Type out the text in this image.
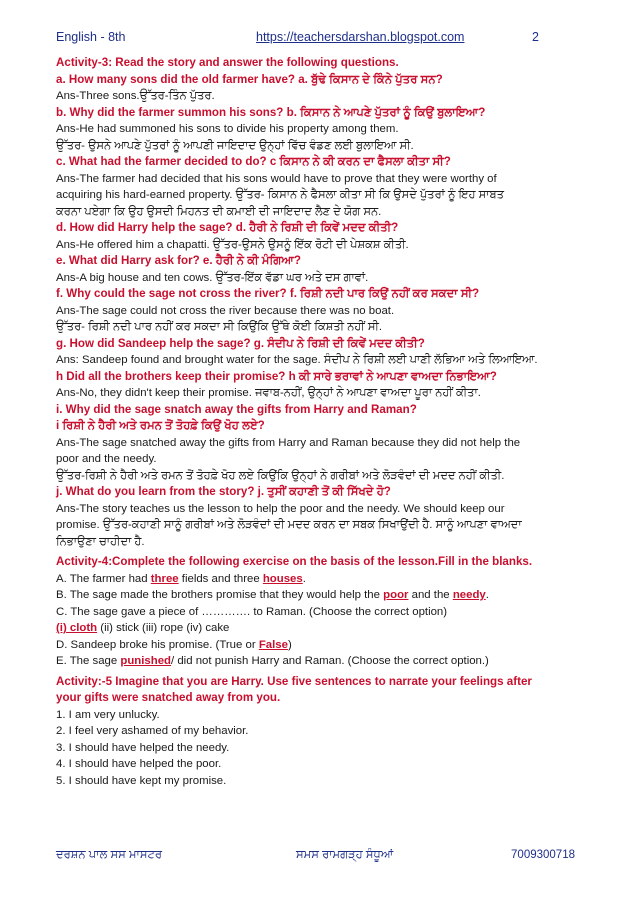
English - 8th	https://teachersdarshan.blogspot.com	2
Activity-3: Read the story and answer the following questions.
a. How many sons did the old farmer have? a. ਬੁੱਢੇ ਕਿਸਾਨ ਦੇ ਕਿੰਨੇ ਪੁੱਤਰ ਸਨ?
Ans-Three sons.ਉੱਤਰ-ਤਿੰਨ ਪੁੱਤਰ.
b. Why did the farmer summon his sons? b. ਕਿਸਾਨ ਨੇ ਆਪਣੇ ਪੁੱਤਰਾਂ ਨੂੰ ਕਿਉਂ ਬੁਲਾਇਆ?
Ans-He had summoned his sons to divide his property among them.
ਉੱਤਰ- ਉਸਨੇ ਆਪਣੇ ਪੁੱਤਰਾਂ ਨੂੰ ਆਪਣੀ ਜਾਇਦਾਦ ਉਨ੍ਹਾਂ ਵਿੱਚ ਵੰਡਣ ਲਈ ਬੁਲਾਇਆ ਸੀ.
c. What had the farmer decided to do? c ਕਿਸਾਨ ਨੇ ਕੀ ਕਰਨ ਦਾ ਫੈਸਲਾ ਕੀਤਾ ਸੀ?
Ans-The farmer had decided that his sons would have to prove that they were worthy of
acquiring his hard-earned property. ਉੱਤਰ- ਕਿਸਾਨ ਨੇ ਫੈਸਲਾ ਕੀਤਾ ਸੀ ਕਿ ਉਸਦੇ ਪੁੱਤਰਾਂ ਨੂੰ ਇਹ ਸਾਬਤ
ਕਰਨਾ ਪਏਗਾ ਕਿ ਉਹ ਉਸਦੀ ਮਿਹਨਤ ਦੀ ਕਮਾਈ ਦੀ ਜਾਇਦਾਦ ਲੈਣ ਦੇ ਯੋਗ ਸਨ.
d. How did Harry help the sage? d. ਹੈਰੀ ਨੇ ਰਿਸ਼ੀ ਦੀ ਕਿਵੇਂ ਮਦਦ ਕੀਤੀ?
Ans-He offered him a chapatti. ਉੱਤਰ-ਉਸਨੇ ਉਸਨੂੰ ਇੱਕ ਰੋਟੀ ਦੀ ਪੇਸ਼ਕਸ਼ ਕੀਤੀ.
e. What did Harry ask for? e. ਹੈਰੀ ਨੇ ਕੀ ਮੰਗਿਆ?
Ans-A big house and ten cows. ਉੱਤਰ-ਇੱਕ ਵੱਡਾ ਘਰ ਅਤੇ ਦਸ ਗਾਵਾਂ.
f. Why could the sage not cross the river? f. ਰਿਸ਼ੀ ਨਦੀ ਪਾਰ ਕਿਉਂ ਨਹੀਂ ਕਰ ਸਕਦਾ ਸੀ?
Ans-The sage could not cross the river because there was no boat.
ਉੱਤਰ- ਰਿਸ਼ੀ ਨਦੀ ਪਾਰ ਨਹੀਂ ਕਰ ਸਕਦਾ ਸੀ ਕਿਉਂਕਿ ਉੱਥੇ ਕੋਈ ਕਿਸ਼ਤੀ ਨਹੀਂ ਸੀ.
g. How did Sandeep help the sage? g. ਸੰਦੀਪ ਨੇ ਰਿਸ਼ੀ ਦੀ ਕਿਵੇਂ ਮਦਦ ਕੀਤੀ?
Ans: Sandeep found and brought water for the sage. ਸੰਦੀਪ ਨੇ ਰਿਸ਼ੀ ਲਈ ਪਾਣੀ ਲੱਭਿਆ ਅਤੇ ਲਿਆਇਆ.
h Did all the brothers keep their promise? h ਕੀ ਸਾਰੇ ਭਰਾਵਾਂ ਨੇ ਆਪਣਾ ਵਾਅਦਾ ਨਿਭਾਇਆ?
Ans-No, they didn't keep their promise. ਜਵਾਬ-ਨਹੀਂ, ਉਨ੍ਹਾਂ ਨੇ ਆਪਣਾ ਵਾਅਦਾ ਪੂਰਾ ਨਹੀਂ ਕੀਤਾ.
i. Why did the sage snatch away the gifts from Harry and Raman?
i ਰਿਸ਼ੀ ਨੇ ਹੈਰੀ ਅਤੇ ਰਮਨ ਤੋਂ ਤੋਹਫ਼ੇ ਕਿਉਂ ਖੋਹ ਲਏ?
Ans-The sage snatched away the gifts from Harry and Raman because they did not help the
poor and the needy.
ਉੱਤਰ-ਰਿਸ਼ੀ ਨੇ ਹੈਰੀ ਅਤੇ ਰਮਨ ਤੋਂ ਤੋਹਫ਼ੇ ਖੋਹ ਲਏ ਕਿਉਂਕਿ ਉਨ੍ਹਾਂ ਨੇ ਗਰੀਬਾਂ ਅਤੇ ਲੋੜਵੰਦਾਂ ਦੀ ਮਦਦ ਨਹੀਂ ਕੀਤੀ.
j. What do you learn from the story? j. ਤੁਸੀਂ ਕਹਾਣੀ ਤੋਂ ਕੀ ਸਿੱਖਦੇ ਹੋ?
Ans-The story teaches us the lesson to help the poor and the needy. We should keep our
promise. ਉੱਤਰ-ਕਹਾਣੀ ਸਾਨੂੰ ਗਰੀਬਾਂ ਅਤੇ ਲੋੜਵੰਦਾਂ ਦੀ ਮਦਦ ਕਰਨ ਦਾ ਸਬਕ ਸਿਖਾਉਂਦੀ ਹੈ. ਸਾਨੂੰ ਆਪਣਾ ਵਾਅਦਾ
ਨਿਭਾਉਣਾ ਚਾਹੀਦਾ ਹੈ.
Activity-4:Complete the following exercise on the basis of the lesson.Fill in the blanks.
A. The farmer had three fields and three houses.
B. The sage made the brothers promise that they would help the poor and the needy.
C. The sage gave a piece of …………. to Raman. (Choose the correct option)
(i) cloth (ii) stick (iii) rope (iv) cake
D. Sandeep broke his promise. (True or False)
E. The sage punished/ did not punish Harry and Raman. (Choose the correct option.)
Activity:-5 Imagine that you are Harry. Use five sentences to narrate your feelings after
your gifts were snatched away from you.
1. I am very unlucky.
2. I feel very ashamed of my behavior.
3. I should have helped the needy.
4. I should have helped the poor.
5. I should have kept my promise.
ਦਰਸ਼ਨ ਪਾਲ ਸਸ ਮਾਸਟਰ	ਸਮਸ ਰਾਮਗੜ੍ਹ ਸੰਧੂਆਂ	7009300718
